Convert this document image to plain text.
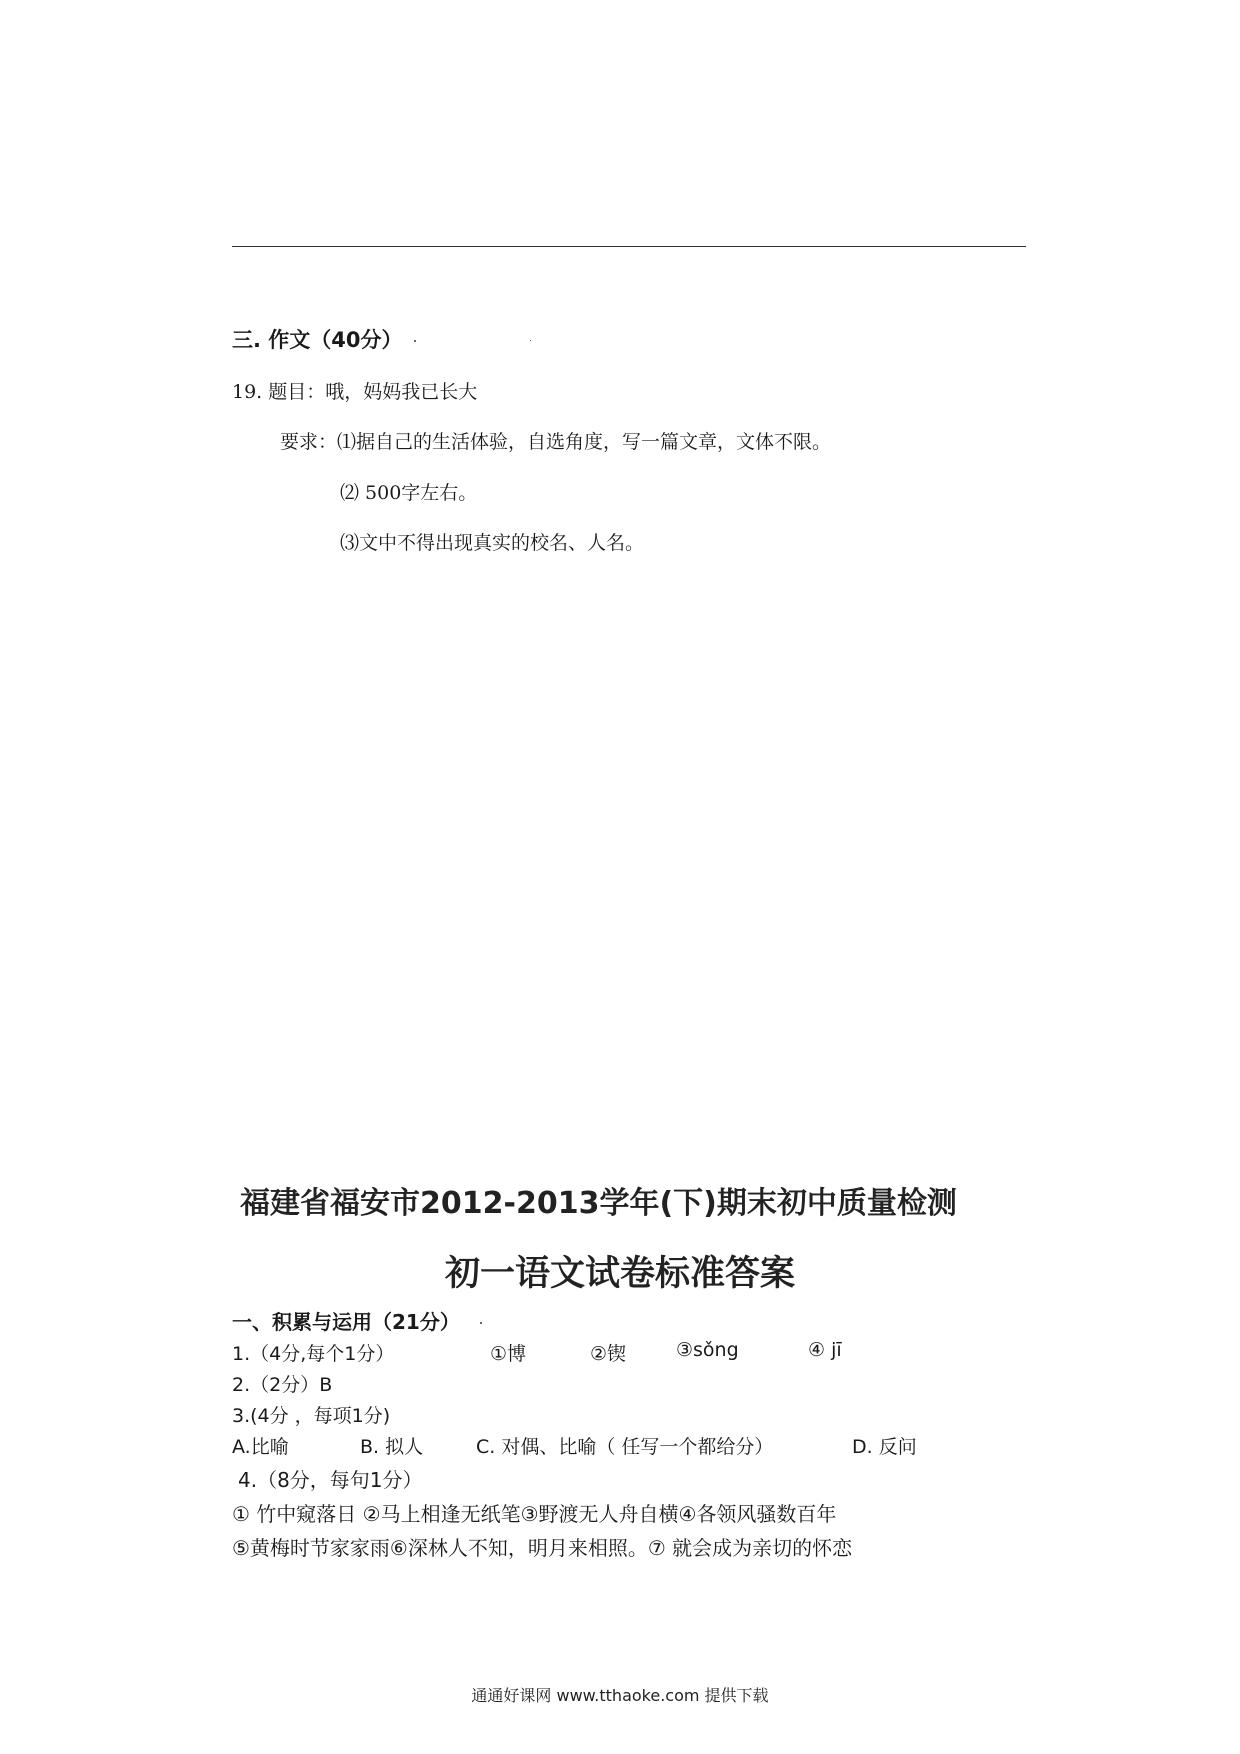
三. 作文（40分）
19. 题目：哦，妈妈我已长大
要求：⑴据自己的生活体验，自选角度，写一篇文章，文体不限。
⑵ 500字左右。
⑶文中不得出现真实的校名、人名。
福建省福安市2012-2013学年(下)期末初中质量检测
初一语文试卷标准答案
一、积累与运用（21分）
1.（4分,每个1分）	①博	②锲	③sǒng	④ jī
2.（2分）B
3.(4分 ，每项1分)
A.比喻	B. 拟人	C. 对偶、比喻（ 任写一个都给分）	D. 反问
4.（8分，每句1分）
① 竹中窥落日 ②马上相逢无纸笔③野渡无人舟自横④各领风骚数百年
⑤黄梅时节家家雨⑥深林人不知，明月来相照。⑦ 就会成为亲切的怀恋
通通好课网 www.tthaoke.com 提供下载
